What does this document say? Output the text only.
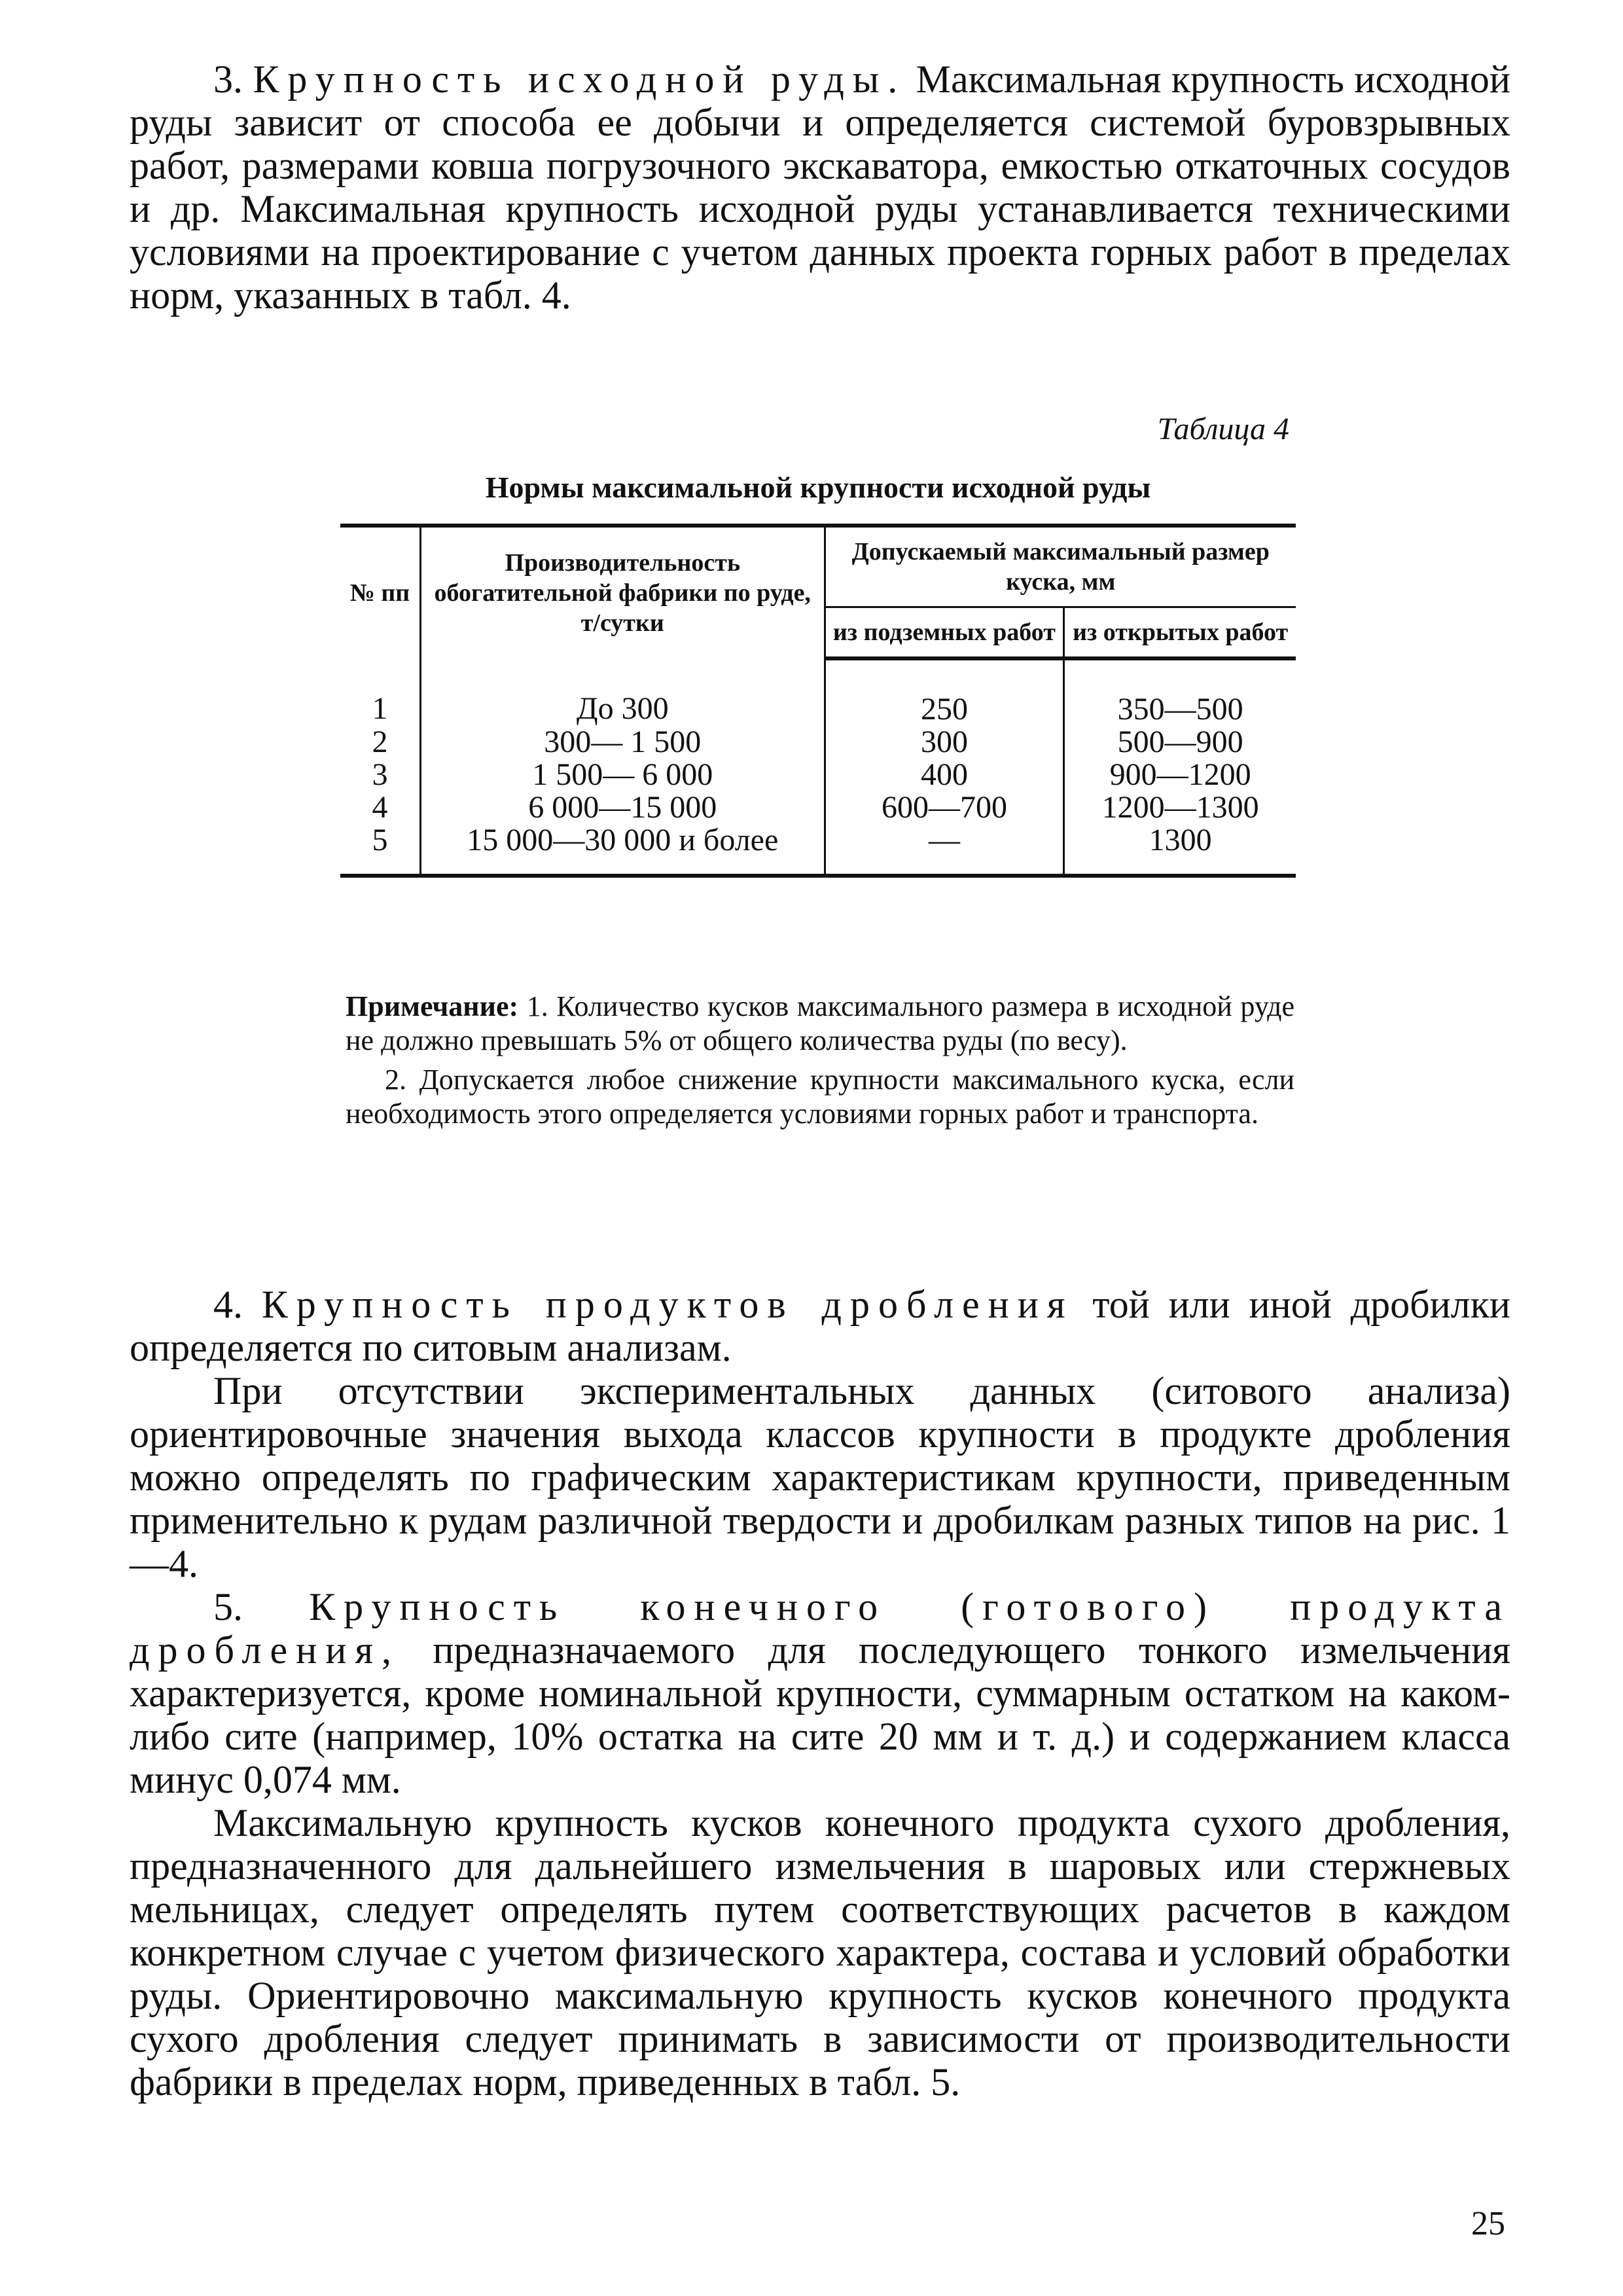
3. Крупность исходной руды. Максимальная крупность исходной руды зависит от способа ее добычи и определяется системой буровзрывных работ, размерами ковша погрузочного экскаватора, емкостью откаточных сосудов и др. Максимальная крупность исходной руды устанавливается техническими условиями на проектирование с учетом данных проекта горных работ в пределах норм, указанных в табл. 4.

Таблица 4
Нормы максимальной крупности исходной руды
№ пп	Производительность обогатительной фабрики по руде, т/сутки	Допускаемый максимальный размер куска, мм	
		из подземных работ	из открытых работ
1	До 300	250	350—500
2	300— 1 500	300	500—900
3	1 500— 6 000	400	900—1200
4	6 000—15 000	600—700	1200—1300
5	15 000—30 000 и более	—	1300

Примечание: 1. Количество кусков максимального размера в исходной руде не должно превышать 5% от общего количества руды (по весу).

2. Допускается любое снижение крупности максимального куска, если необходимость этого определяется условиями горных работ и транспорта.

4. Крупность продуктов дробления той или иной дробилки определяется по ситовым анализам.

При отсутствии экспериментальных данных (ситового анализа) ориентировочные значения выхода классов крупности в продукте дробления можно определять по графическим характеристикам крупности, приведенным применительно к рудам различной твердости и дробилкам разных типов на рис. 1—4.

5. Крупность конечного (готового) продукта дробления, предназначаемого для последующего тонкого измельчения характеризуется, кроме номинальной крупности, суммарным остатком на каком-либо сите (например, 10% остатка на сите 20 мм и т. д.) и содержанием класса минус 0,074 мм.

Максимальную крупность кусков конечного продукта сухого дробления, предназначенного для дальнейшего измельчения в шаровых или стержневых мельницах, следует определять путем соответствующих расчетов в каждом конкретном случае с учетом физического характера, состава и условий обработки руды. Ориентировочно максимальную крупность кусков конечного продукта сухого дробления следует принимать в зависимости от производительности фабрики в пределах норм, приведенных в табл. 5.

25
